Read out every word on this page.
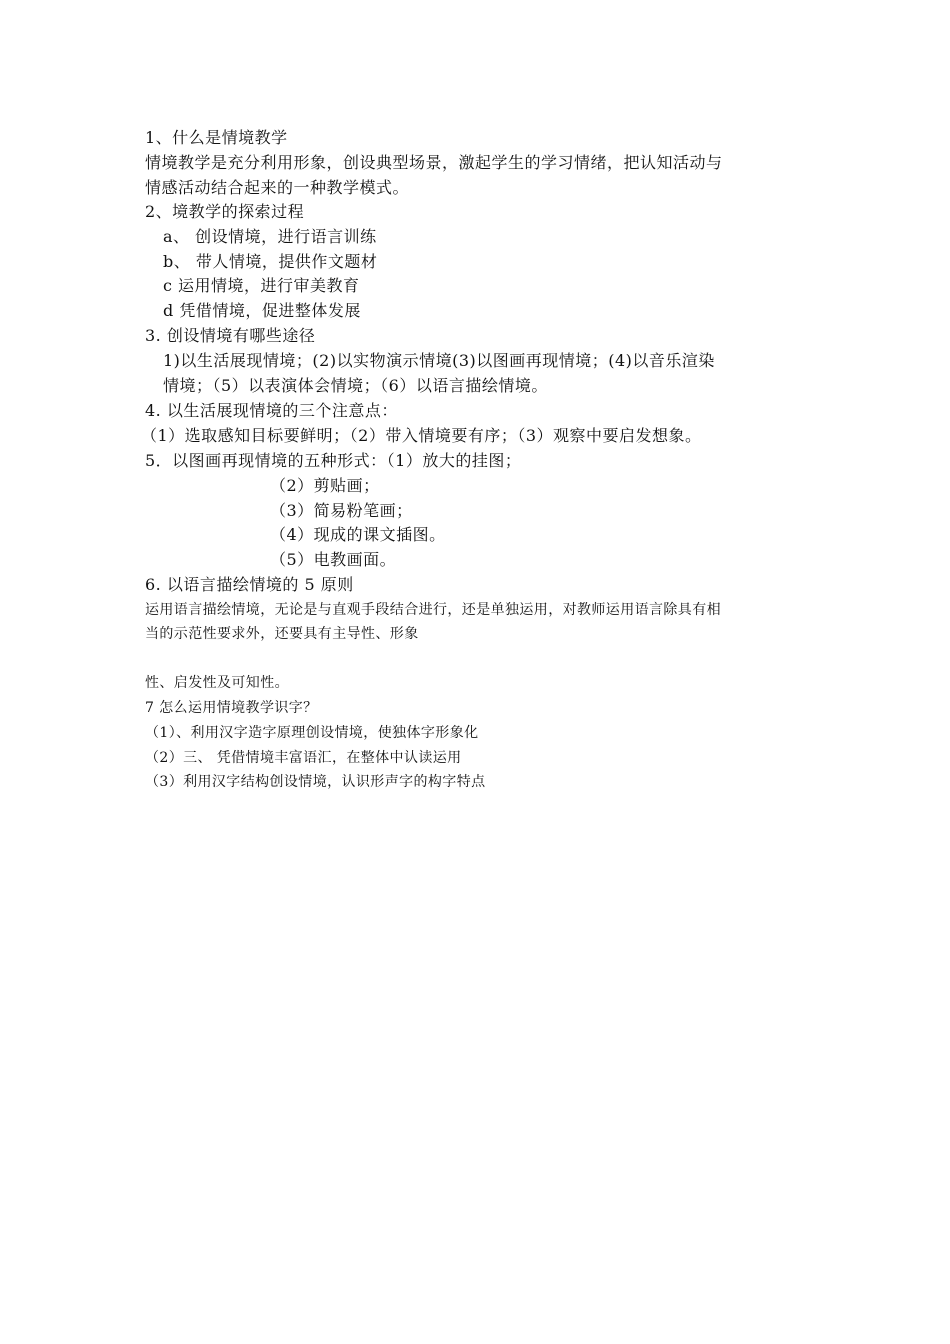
1、什么是情境教学
情境教学是充分利用形象，创设典型场景，激起学生的学习情绪，把认知活动与
情感活动结合起来的一种教学模式。
2、境教学的探索过程
a、 创设情境，进行语言训练
b、 带人情境，提供作文题材
c 运用情境，进行审美教育
d 凭借情境，促进整体发展
3. 创设情境有哪些途径
1)以生活展现情境；(2)以实物演示情境(3)以图画再现情境；(4)以音乐渲染
情境；（5）以表演体会情境；（6）以语言描绘情境。
4. 以生活展现情境的三个注意点：
（1）选取感知目标要鲜明；（2）带入情境要有序；（3）观察中要启发想象。
5．以图画再现情境的五种形式：（1）放大的挂图；
（2）剪贴画；
（3）简易粉笔画；
（4）现成的课文插图。
（5）电教画面。
6. 以语言描绘情境的 5 原则
运用语言描绘情境，无论是与直观手段结合进行，还是单独运用，对教师运用语言除具有相
当的示范性要求外，还要具有主导性、形象
性、启发性及可知性。
7 怎么运用情境教学识字？
（1）、利用汉字造字原理创设情境，使独体字形象化
（2）三、 凭借情境丰富语汇，在整体中认读运用
（3）利用汉字结构创设情境，认识形声字的构字特点
